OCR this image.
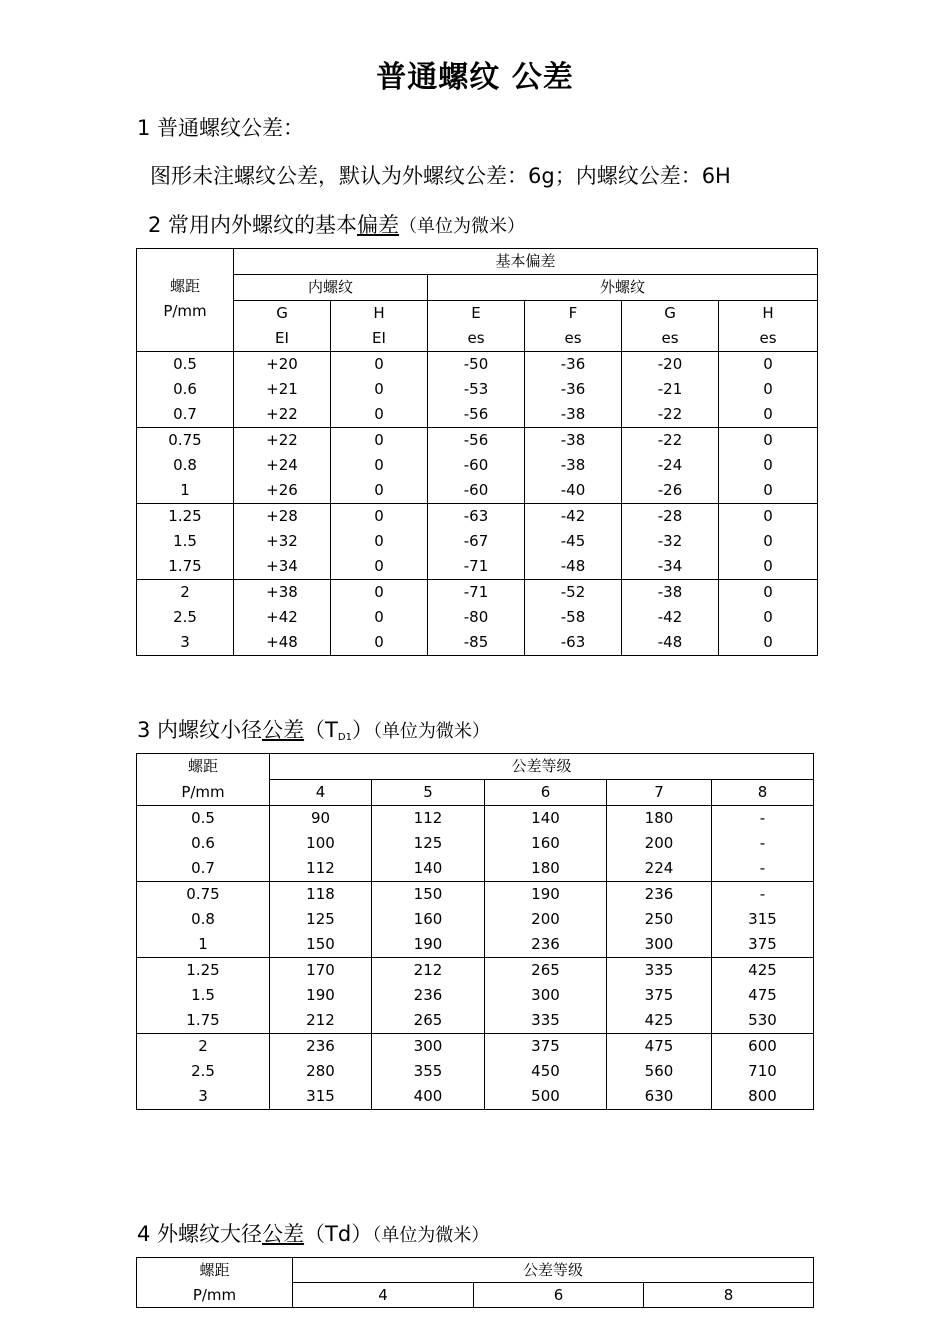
普通螺纹 公差
1 普通螺纹公差：
图形未注螺纹公差，默认为外螺纹公差：6g；内螺纹公差：6H
2 常用内外螺纹的基本偏差（单位为微米）
螺距
P/mm	基本偏差					
	内螺纹		外螺纹			
	G	H	E	F	G	H
	EI	EI	es	es	es	es
0.5	+20	0	-50	-36	-20	0
0.6	+21	0	-53	-36	-21	0
0.7	+22	0	-56	-38	-22	0
0.75	+22	0	-56	-38	-22	0
0.8	+24	0	-60	-38	-24	0
1	+26	0	-60	-40	-26	0
1.25	+28	0	-63	-42	-28	0
1.5	+32	0	-67	-45	-32	0
1.75	+34	0	-71	-48	-34	0
2	+38	0	-71	-52	-38	0
2.5	+42	0	-80	-58	-42	0
3	+48	0	-85	-63	-48	0
3 内螺纹小径公差$(T_{D1})$（单位为微米）
螺距	公差等级				
P/mm	4	5	6	7	8
0.5	90	112	140	180	-
0.6	100	125	160	200	-
0.7	112	140	180	224	-
0.75	118	150	190	236	-
0.8	125	160	200	250	315
1	150	190	236	300	375
1.25	170	212	265	335	425
1.5	190	236	300	375	475
1.75	212	265	335	425	530
2	236	300	375	475	600
2.5	280	355	450	560	710
3	315	400	500	630	800
4 外螺纹大径公差（Td）（单位为微米）
螺距	公差等级		
P/mm	4	6	8
